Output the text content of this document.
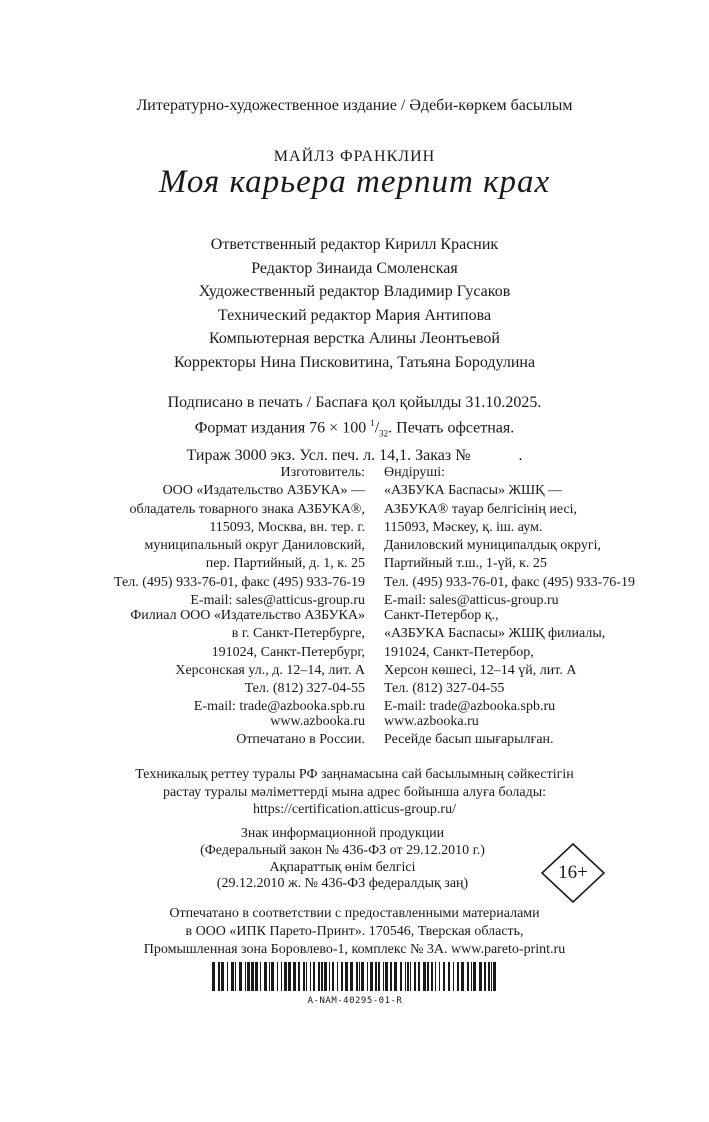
Литературно-художественное издание / Әдеби-көркем басылым
МАЙЛЗ ФРАНКЛИН
Моя карьера терпит крах
Ответственный редактор Кирилл Красник
Редактор Зинаида Смоленская
Художественный редактор Владимир Гусаков
Технический редактор Мария Антипова
Компьютерная верстка Алины Леонтьевой
Корректоры Нина Писковитина, Татьяна Бородулина
Подписано в печать / Баспаға қол қойылды 31.10.2025.
Формат издания 76 × 100 $^1/_{32}$. Печать офсетная.
Тираж 3000 экз. Усл. печ. л. 14,1. Заказ №            .
Изготовитель:
ООО «Издательство АЗБУКА» —
обладатель товарного знака АЗБУКА®,
115093, Москва, вн. тер. г.
муниципальный округ Даниловский,
пер. Партийный, д. 1, к. 25
Тел. (495) 933-76-01, факс (495) 933-76-19
E-mail: sales@atticus-group.ru
Өндіруші:
«АЗБУКА Баспасы» ЖШҚ —
АЗБУКА® тауар белгісінің иесі,
115093, Мәскеу, қ. іш. аум.
Даниловский муниципалдық округі,
Партийный т.ш., 1-үй, к. 25
Тел. (495) 933-76-01, факс (495) 933-76-19
E-mail: sales@atticus-group.ru
Филиал ООО «Издательство АЗБУКА»
в г. Санкт-Петербурге,
191024, Санкт-Петербург,
Херсонская ул., д. 12–14, лит. А
Тел. (812) 327-04-55
E-mail: trade@azbooka.spb.ru
Санкт-Петербор қ.,
«АЗБУКА Баспасы» ЖШҚ филиалы,
191024, Санкт-Петербор,
Херсон көшесі, 12–14 үй, лит. А
Тел. (812) 327-04-55
E-mail: trade@azbooka.spb.ru
www.azbooka.ru
Отпечатано в России.
www.azbooka.ru
Ресейде басып шығарылған.
Техникалық реттеу туралы РФ заңнамасына сай басылымның сәйкестігін
растау туралы мәліметтерді мына адрес бойынша алуға болады:
https://certification.atticus-group.ru/
Знак информационной продукции
(Федеральный закон № 436-ФЗ от 29.12.2010 г.)
Ақпараттық өнім белгісі
(29.12.2010 ж. № 436-ФЗ федералдық заң)
16+
Отпечатано в соответствии с предоставленными материалами
в ООО «ИПК Парето-Принт». 170546, Тверская область,
Промышленная зона Боровлево-1, комплекс № 3А. www.pareto-print.ru
A-NAM-40295-01-R
